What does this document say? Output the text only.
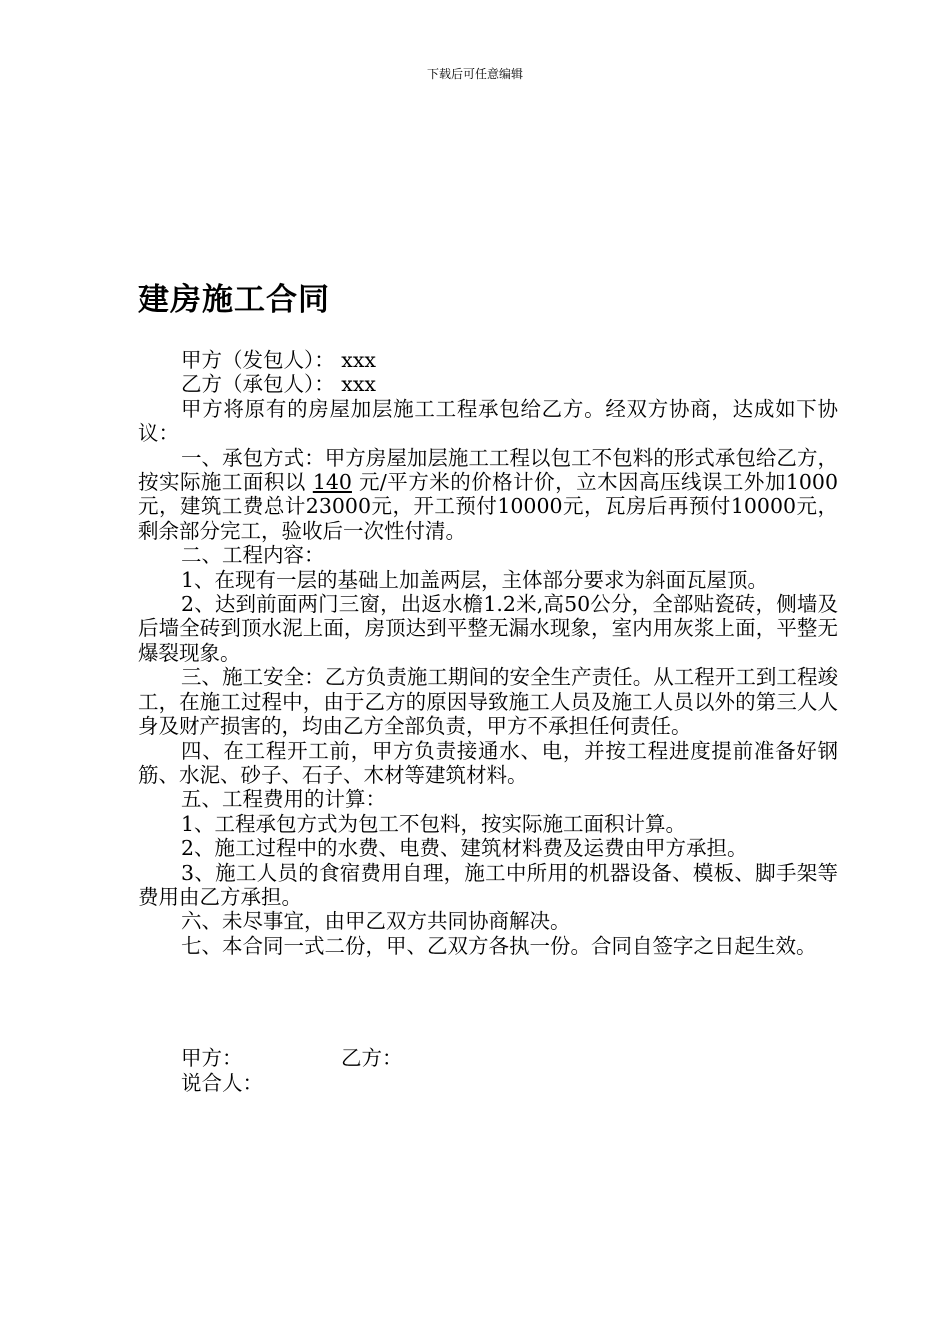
下载后可任意编辑
建房施工合同

甲方（发包人）： xxx

乙方（承包人）： xxx

甲方将原有的房屋加层施工工程承包给乙方。经双方协商，达成如下协议：

一、承包方式：甲方房屋加层施工工程以包工不包料的形式承包给乙方，按实际施工面积以 140 元/平方米的价格计价，立木因高压线误工外加1000元，建筑工费总计23000元，开工预付10000元，瓦房后再预付10000元，剩余部分完工，验收后一次性付清。

二、工程内容：

1、在现有一层的基础上加盖两层，主体部分要求为斜面瓦屋顶。

2、达到前面两门三窗，出返水檐1.2米,高50公分，全部贴瓷砖，侧墙及后墙全砖到顶水泥上面，房顶达到平整无漏水现象，室内用灰浆上面，平整无爆裂现象。

三、施工安全：乙方负责施工期间的安全生产责任。从工程开工到工程竣工，在施工过程中，由于乙方的原因导致施工人员及施工人员以外的第三人人身及财产损害的，均由乙方全部负责，甲方不承担任何责任。

四、在工程开工前，甲方负责接通水、电，并按工程进度提前准备好钢筋、水泥、砂子、石子、木材等建筑材料。

五、工程费用的计算：

1、工程承包方式为包工不包料，按实际施工面积计算。

2、施工过程中的水费、电费、建筑材料费及运费由甲方承担。

3、施工人员的食宿费用自理，施工中所用的机器设备、模板、脚手架等费用由乙方承担。

六、未尽事宜，由甲乙双方共同协商解决。

七、本合同一式二份，甲、乙双方各执一份。合同自签字之日起生效。

甲方：	乙方：
说合人：
